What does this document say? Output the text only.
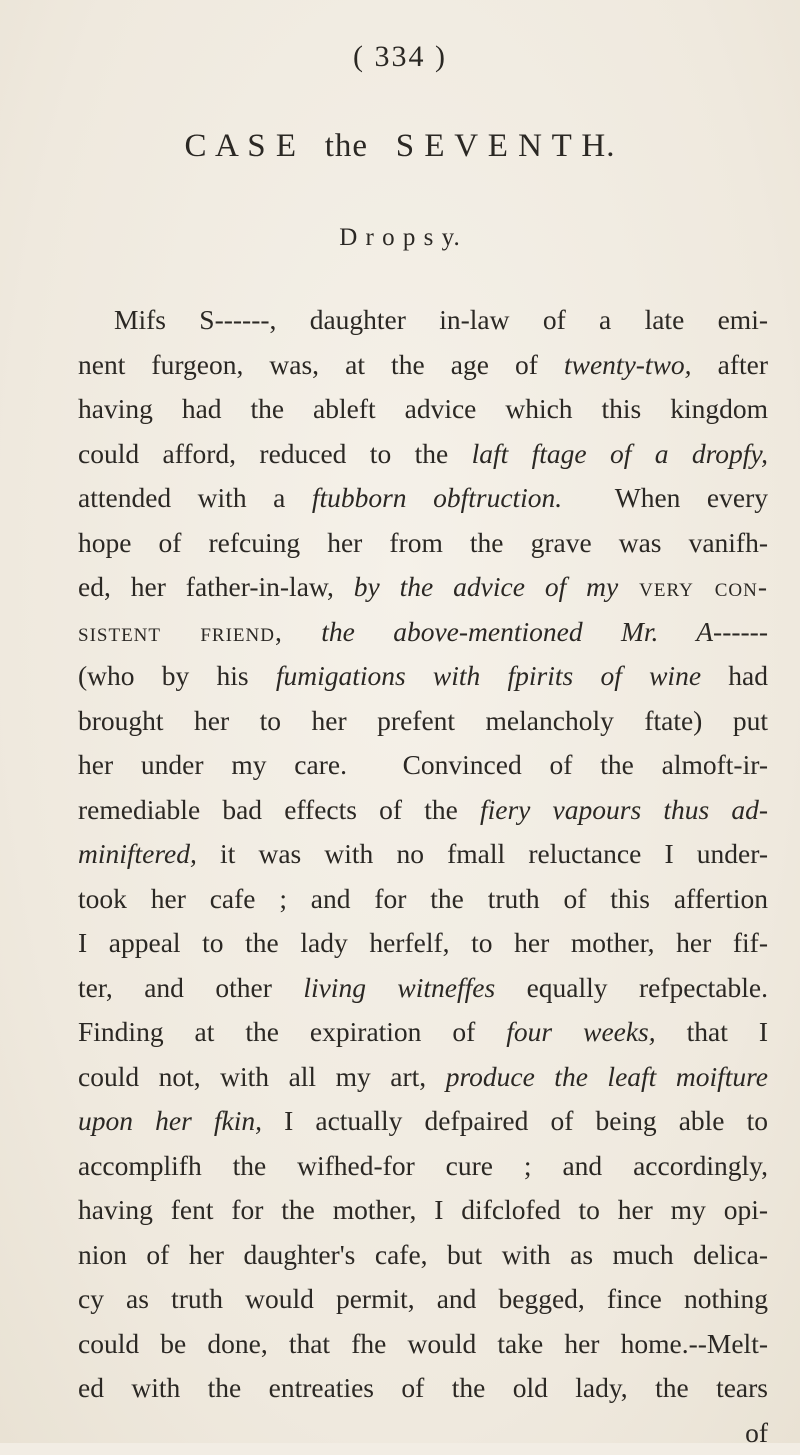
( 334 )
C A S E   the   S E V E N T H.
D r o p s y.
Mifs S------, daughter in-law of a late emi-
nent furgeon, was, at the age of twenty-two, after
having had the ableft advice which this kingdom
could afford, reduced to the laft ftage of a dropfy,
attended with a ftubborn obftruction.  When every
hope of refcuing her from the grave was vanifh-
ed, her father-in-law, by the advice of my very con-
sistent friend, the above-mentioned Mr. A------
(who by his fumigations with fpirits of wine had
brought her to her prefent melancholy ftate) put
her under my care.  Convinced of the almoft-ir-
remediable bad effects of the fiery vapours thus ad-
miniftered, it was with no fmall reluctance I under-
took her cafe ; and for the truth of this affertion
I appeal to the lady herfelf, to her mother, her fif-
ter, and other living witneffes equally refpectable.
Finding at the expiration of four weeks, that I
could not, with all my art, produce the leaft moifture
upon her fkin, I actually defpaired of being able to
accomplifh the wifhed-for cure ; and accordingly,
having fent for the mother, I difclofed to her my opi-
nion of her daughter's cafe, but with as much delica-
cy as truth would permit, and begged, fince nothing
could be done, that fhe would take her home.--Melt-
ed with the entreaties of the old lady, the tears
of
